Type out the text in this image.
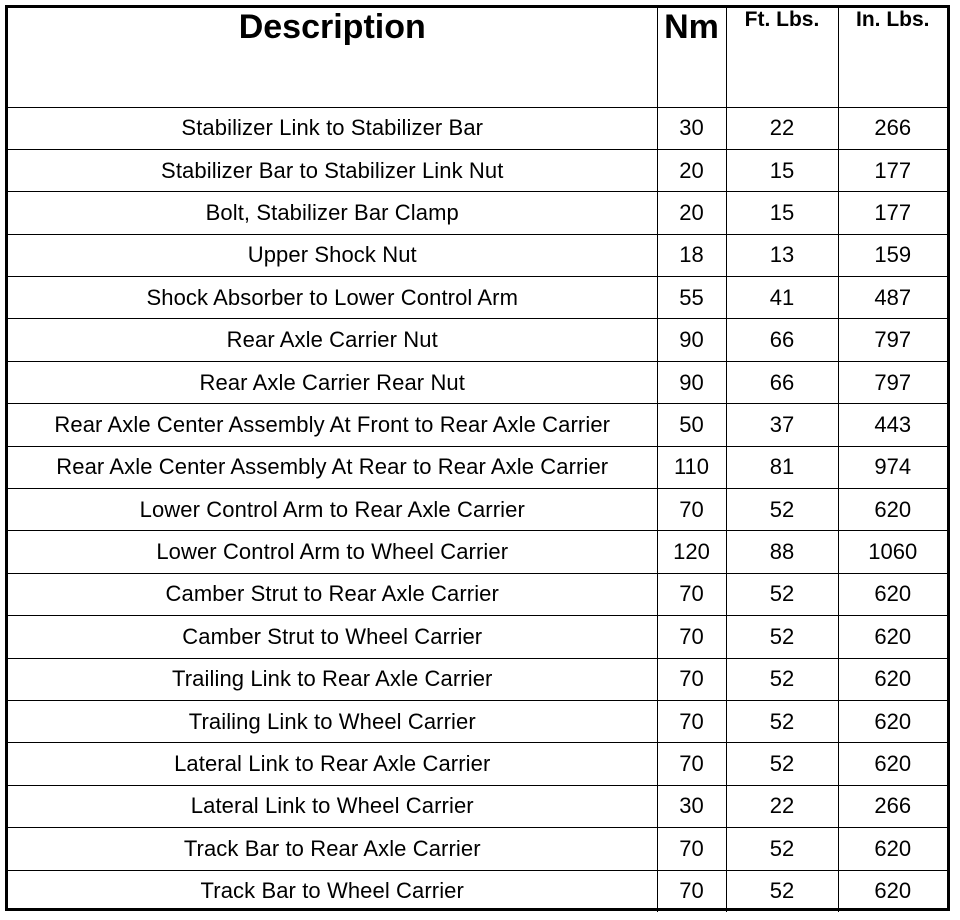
Description	Nm	Ft. Lbs.	In. Lbs.
Stabilizer Link to Stabilizer Bar	30	22	266
Stabilizer Bar to Stabilizer Link Nut	20	15	177
Bolt, Stabilizer Bar Clamp	20	15	177
Upper Shock Nut	18	13	159
Shock Absorber to Lower Control Arm	55	41	487
Rear Axle Carrier Nut	90	66	797
Rear Axle Carrier Rear Nut	90	66	797
Rear Axle Center Assembly At Front to Rear Axle Carrier	50	37	443
Rear Axle Center Assembly At Rear to Rear Axle Carrier	110	81	974
Lower Control Arm to Rear Axle Carrier	70	52	620
Lower Control Arm to Wheel Carrier	120	88	1060
Camber Strut to Rear Axle Carrier	70	52	620
Camber Strut to Wheel Carrier	70	52	620
Trailing Link to Rear Axle Carrier	70	52	620
Trailing Link to Wheel Carrier	70	52	620
Lateral Link to Rear Axle Carrier	70	52	620
Lateral Link to Wheel Carrier	30	22	266
Track Bar to Rear Axle Carrier	70	52	620
Track Bar to Wheel Carrier	70	52	620
